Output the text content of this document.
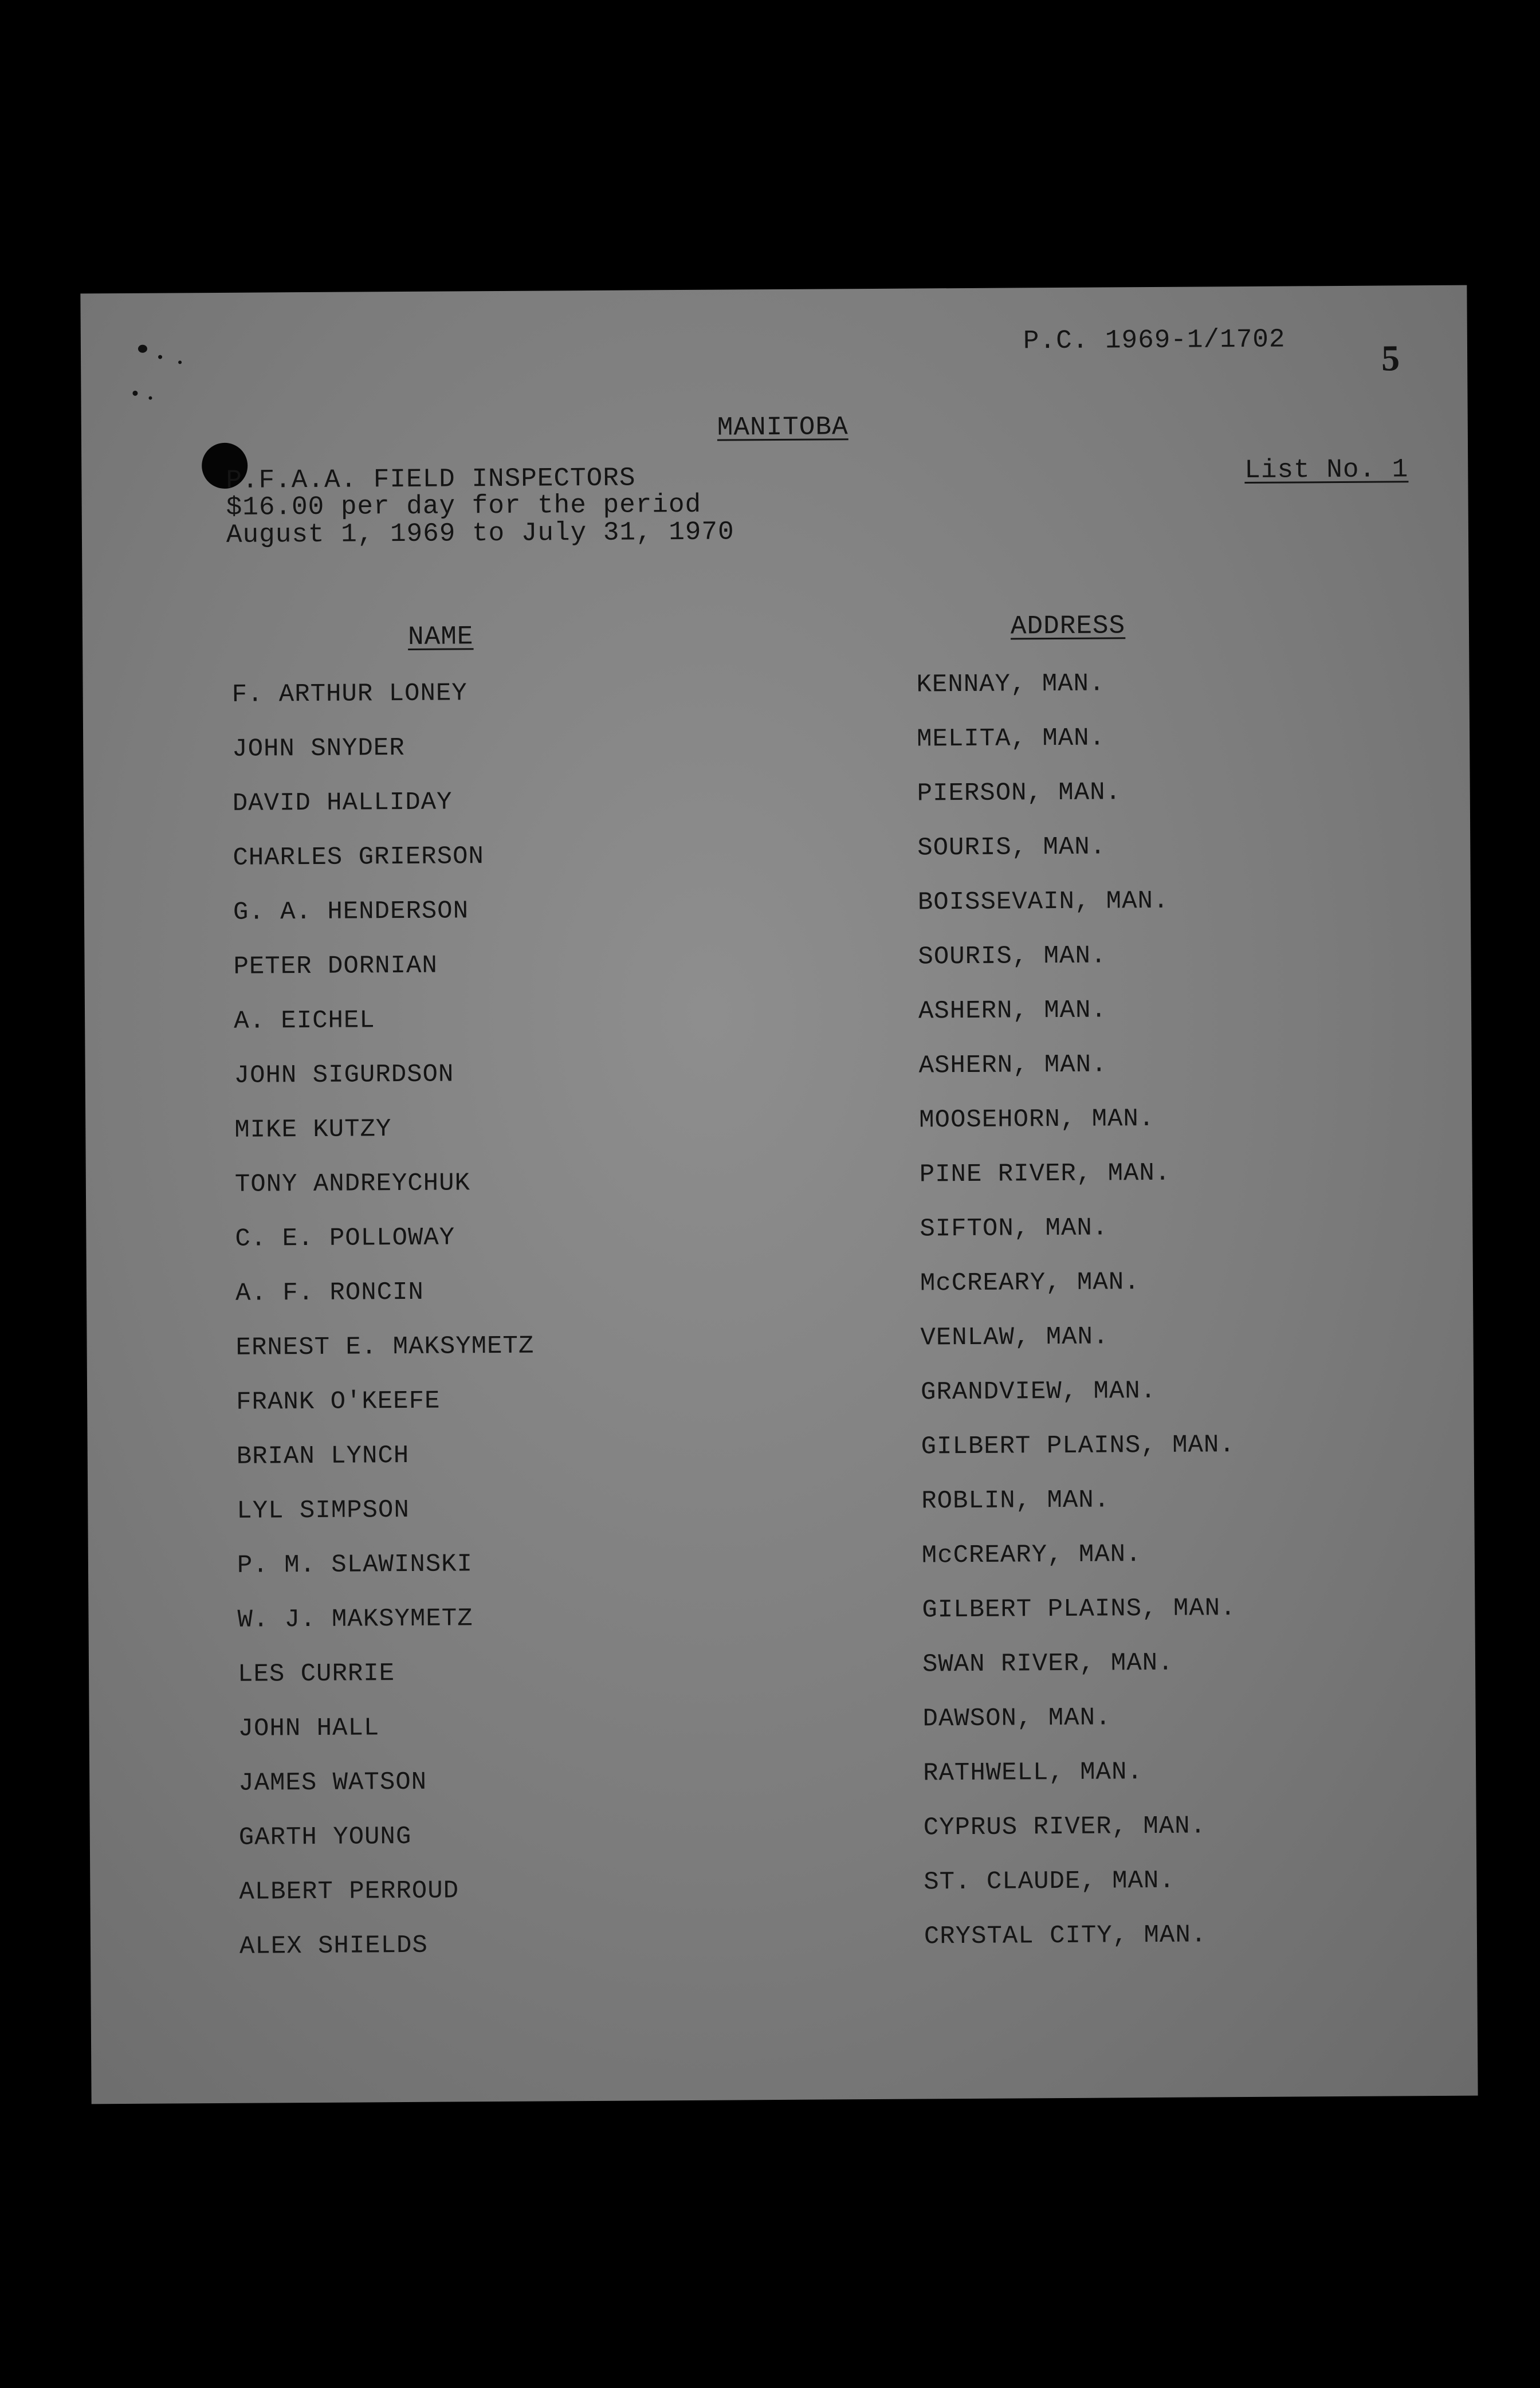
P.C. 1969-1/1702	5
MANITOBA
List No. 1
P.F.A.A. FIELD INSPECTORS
$16.00 per day for the period
August 1, 1969 to July 31, 1970
NAME	ADDRESS
F. ARTHUR LONEY	KENNAY, MAN.
JOHN SNYDER	MELITA, MAN.
DAVID HALLIDAY	PIERSON, MAN.
CHARLES GRIERSON	SOURIS, MAN.
G. A. HENDERSON	BOISSEVAIN, MAN.
PETER DORNIAN	SOURIS, MAN.
A. EICHEL	ASHERN, MAN.
JOHN SIGURDSON	ASHERN, MAN.
MIKE KUTZY	MOOSEHORN, MAN.
TONY ANDREYCHUK	PINE RIVER, MAN.
C. E. POLLOWAY	SIFTON, MAN.
A. F. RONCIN	McCREARY, MAN.
ERNEST E. MAKSYMETZ	VENLAW, MAN.
FRANK O'KEEFE	GRANDVIEW, MAN.
BRIAN LYNCH	GILBERT PLAINS, MAN.
LYL SIMPSON	ROBLIN, MAN.
P. M. SLAWINSKI	McCREARY, MAN.
W. J. MAKSYMETZ	GILBERT PLAINS, MAN.
LES CURRIE	SWAN RIVER, MAN.
JOHN HALL	DAWSON, MAN.
JAMES WATSON	RATHWELL, MAN.
GARTH YOUNG	CYPRUS RIVER, MAN.
ALBERT PERROUD	ST. CLAUDE, MAN.
ALEX SHIELDS	CRYSTAL CITY, MAN.
